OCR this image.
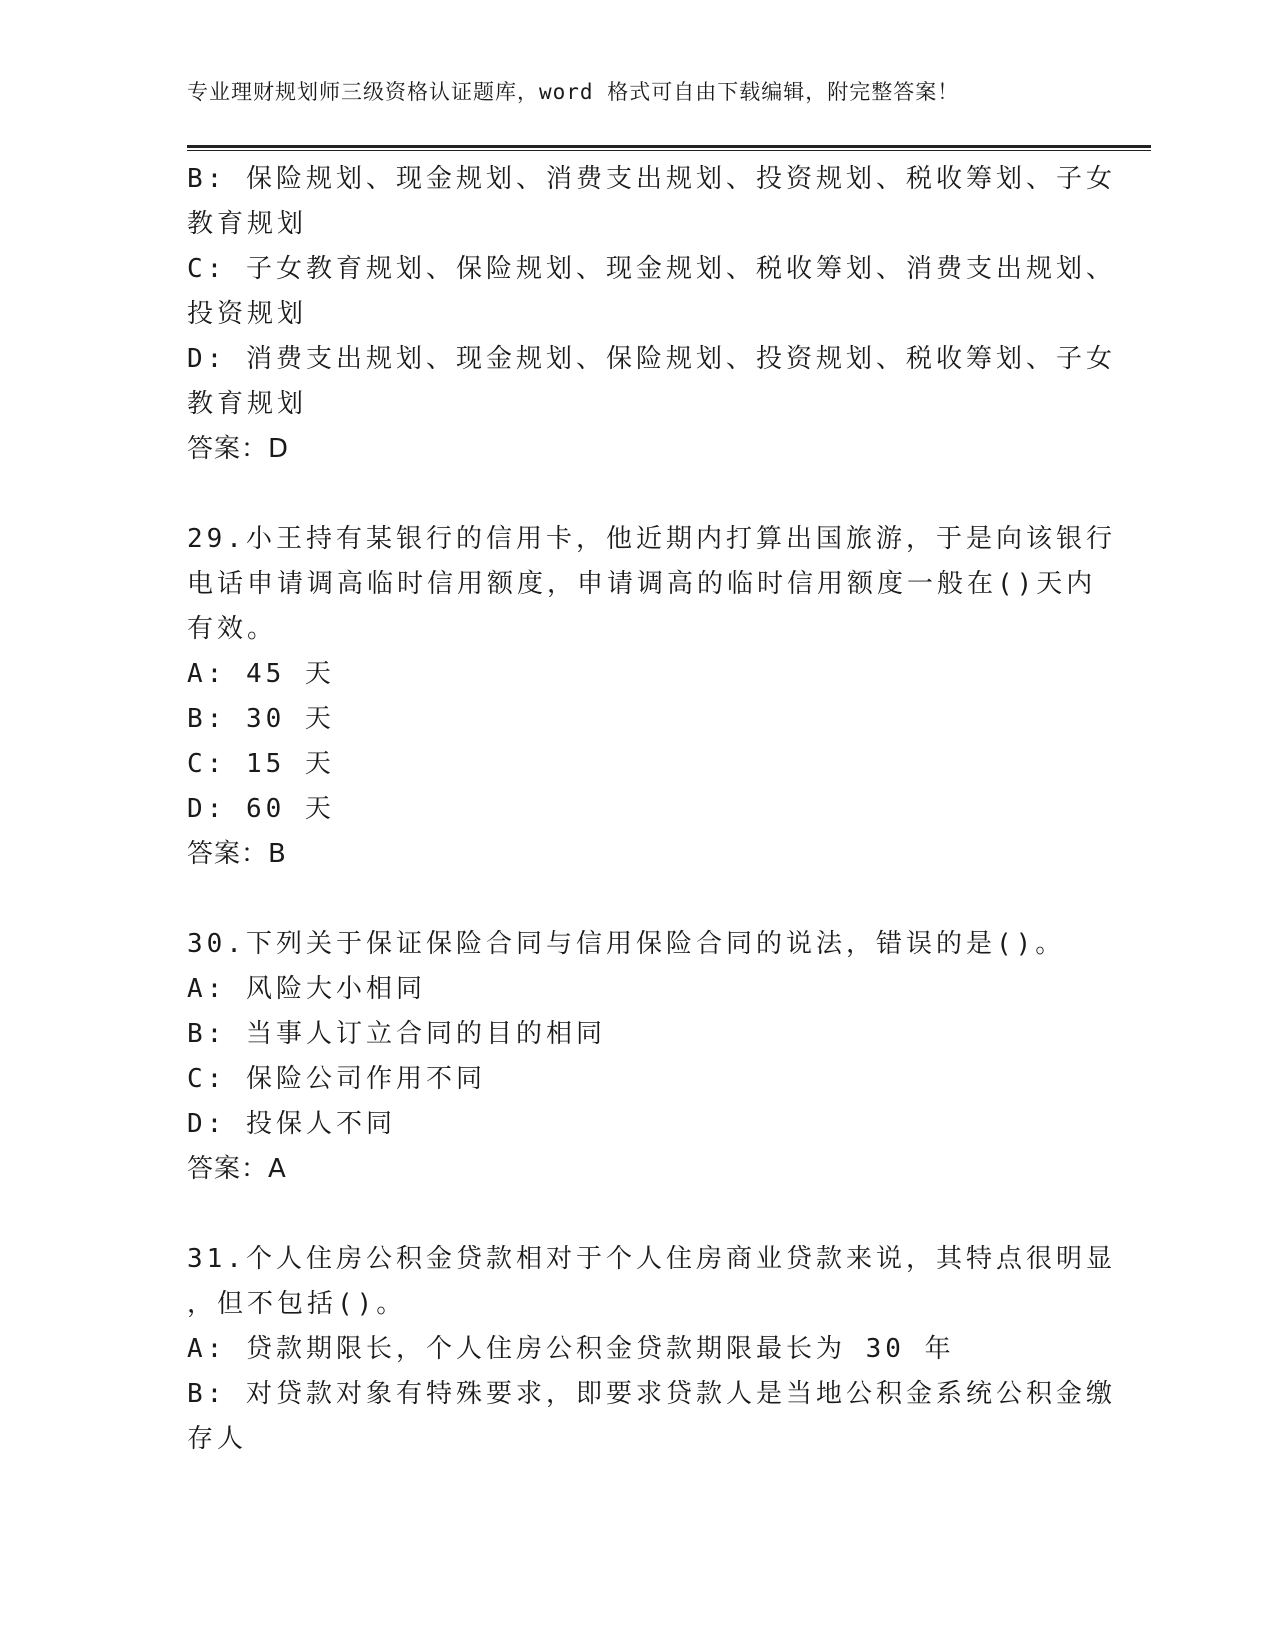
专业理财规划师三级资格认证题库，word 格式可自由下载编辑，附完整答案！
B: 保险规划、现金规划、消费支出规划、投资规划、税收筹划、子女
教育规划
C: 子女教育规划、保险规划、现金规划、税收筹划、消费支出规划、
投资规划
D: 消费支出规划、现金规划、保险规划、投资规划、税收筹划、子女
教育规划
答案：D
29.小王持有某银行的信用卡，他近期内打算出国旅游，于是向该银行
电话申请调高临时信用额度，申请调高的临时信用额度一般在()天内
有效。
A: 45 天
B: 30 天
C: 15 天
D: 60 天
答案：B
30.下列关于保证保险合同与信用保险合同的说法，错误的是()。
A: 风险大小相同
B: 当事人订立合同的目的相同
C: 保险公司作用不同
D: 投保人不同
答案：A
31.个人住房公积金贷款相对于个人住房商业贷款来说，其特点很明显
，但不包括()。
A: 贷款期限长，个人住房公积金贷款期限最长为 30 年
B: 对贷款对象有特殊要求，即要求贷款人是当地公积金系统公积金缴
存人
